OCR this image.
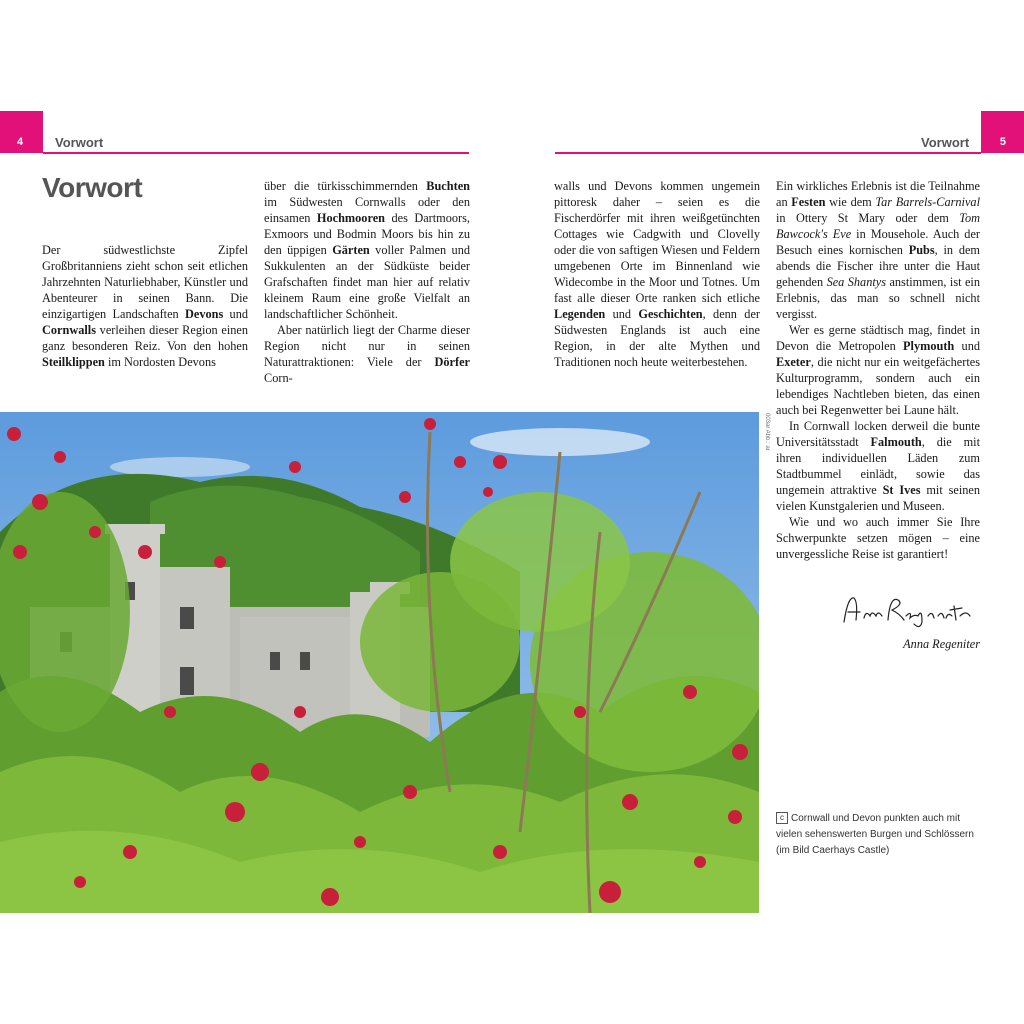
4 Vorwort	5
Vorwort
Vorwort

Der südwestlichste Zipfel Großbritanniens zieht schon seit etlichen Jahrzehnten Naturliebhaber, Künstler und Abenteurer in seinen Bann. Die einzigartigen Landschaften Devons und Cornwalls verleihen dieser Region einen ganz besonderen Reiz. Von den hohen Steilklippen im Nordosten Devons

über die türkisschimmernden Buchten im Südwesten Cornwalls oder den einsamen Hochmooren des Dartmoors, Exmoors und Bodmin Moors bis hin zu den üppigen Gärten voller Palmen und Sukkulenten an der Südküste beider Grafschaften findet man hier auf relativ kleinem Raum eine große Vielfalt an landschaftlicher Schönheit.

Aber natürlich liegt der Charme dieser Region nicht nur in seinen Naturattraktionen: Viele der Dörfer Corn-

walls und Devons kommen ungemein pittoresk daher – seien es die Fischerdörfer mit ihren weißgetünchten Cottages wie Cadgwith und Clovelly oder die von saftigen Wiesen und Feldern umgebenen Orte im Binnenland wie Widecombe in the Moor und Totnes. Um fast alle dieser Orte ranken sich etliche Legenden und Geschichten, denn der Südwesten Englands ist auch eine Region, in der alte Mythen und Traditionen noch heute weiterbestehen.

Ein wirkliches Erlebnis ist die Teilnahme an Festen wie dem Tar Barrels-Carnival in Ottery St Mary oder dem Tom Bawcock's Eve in Mousehole. Auch der Besuch eines kornischen Pubs, in dem abends die Fischer ihre unter die Haut gehenden Sea Shantys anstimmen, ist ein Erlebnis, das man so schnell nicht vergisst.

Wer es gerne städtisch mag, findet in Devon die Metropolen Plymouth und Exeter, die nicht nur ein weitgefächertes Kulturprogramm, sondern auch ein lebendiges Nachtleben bieten, das einen auch bei Regenwetter bei Laune hält.

In Cornwall locken derweil die bunte Universitätsstadt Falmouth, die mit ihren individuellen Läden zum Stadtbummel einlädt, sowie das ungemein attraktive St Ives mit seinen vielen Kunstgalerien und Museen.

Wie und wo auch immer Sie Ihre Schwerpunkte setzen mögen – eine unvergessliche Reise ist garantiert!

003ar Abb.: ar
Anna Regeniter
c Cornwall und Devon punkten auch mit vielen sehenswerten Burgen und Schlössern (im Bild Caerhays Castle)
